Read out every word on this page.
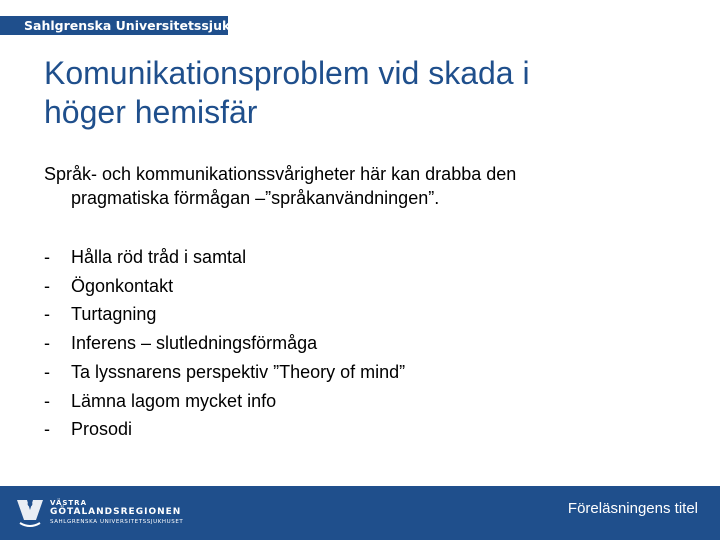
Sahlgrenska Universitetssjukhuset
Komunikationsproblem vid skada i
höger hemisfär

Språk- och kommunikationssvårigheter här kan drabba den
pragmatiska förmågan –”språkanvändningen”.

- Hålla röd tråd i samtal
- Ögonkontakt
- Turtagning
- Inferens – slutledningsförmåga
- Ta lyssnarens perspektiv ”Theory of mind”
- Lämna lagom mycket info
- Prosodi
VÄSTRA
GÖTALANDSREGIONEN
SAHLGRENSKA UNIVERSITETSSJUKHUSET
Föreläsningens titel
